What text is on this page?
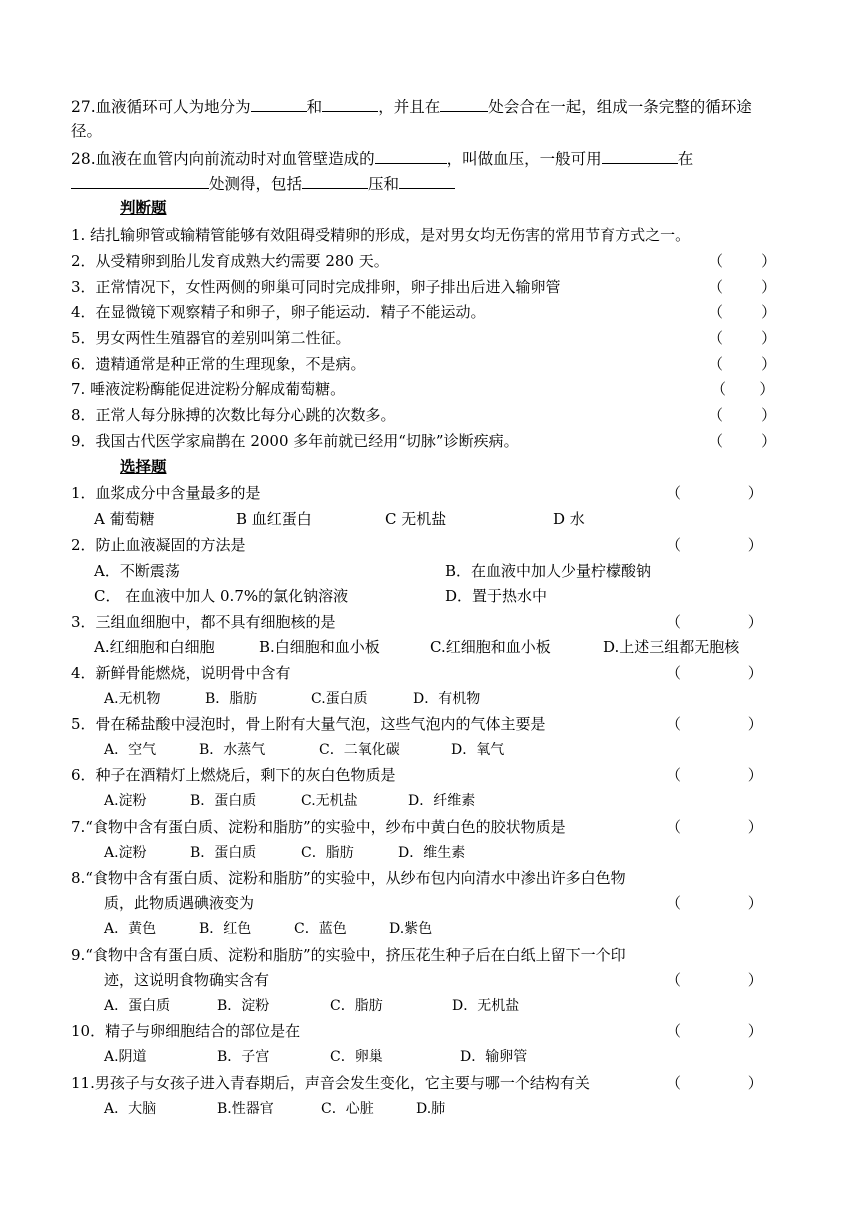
27.血液循环可人为地分为	和	，并且在	处会合在一起，组成一条完整的循环途径。

28.血液在血管内向前流动时对血管壁造成的	，叫做血压，一般可用	在
处测得，包括	压和

判断题
1. 结扎输卵管或输精管能够有效阻碍受精卵的形成，是对男女均无伤害的常用节育方式之一。
2．从受精卵到胎儿发育成熟大约需要 280 天。	（        ）
3．正常情况下，女性两侧的卵巢可同时完成排卵，卵子排出后进入输卵管	（        ）
4．在显微镜下观察精子和卵子，卵子能运动．精子不能运动。	（        ）
5．男女两性生殖器官的差别叫第二性征。	（        ）
6．遗精通常是种正常的生理现象，不是病。	（        ）
7. 唾液淀粉酶能促进淀粉分解成葡萄糖。	（       ）
8．正常人每分脉搏的次数比每分心跳的次数多。	（        ）
9．我国古代医学家扁鹊在 2000 多年前就已经用“切脉”诊断疾病。	（        ）
选择题
1．血浆成分中含量最多的是	（              ）
A 葡萄糖	B 血红蛋白	C 无机盐	D 水
2．防止血液凝固的方法是	（              ）
A．不断震荡	B．在血液中加人少量柠檬酸钠
C． 在血液中加人 0.7%的氯化钠溶液	D．置于热水中
3．三组血细胞中，都不具有细胞核的是	（              ）
A.红细胞和白细胞	B.白细胞和血小板	C.红细胞和血小板	D.上述三组都无胞核
4．新鲜骨能燃烧，说明骨中含有	（              ）
A.无机物	B．脂肪	C.蛋白质	D．有机物
5．骨在稀盐酸中浸泡时，骨上附有大量气泡，这些气泡内的气体主要是	（              ）
A．空气	B．水蒸气	C．二氧化碳	D．氧气
6．种子在酒精灯上燃烧后，剩下的灰白色物质是	（              ）
A.淀粉	B．蛋白质	C.无机盐	D．纤维素
7.“食物中含有蛋白质、淀粉和脂肪”的实验中，纱布中黄白色的胶状物质是	（              ）
A.淀粉	B．蛋白质	C．脂肪	D．维生素
8.“食物中含有蛋白质、淀粉和脂肪”的实验中，从纱布包内向清水中渗出许多白色物
质，此物质遇碘液变为	（              ）
A．黄色	B．红色	C．蓝色	D.紫色
9.“食物中含有蛋白质、淀粉和脂肪”的实验中，挤压花生种子后在白纸上留下一个印
迹，这说明食物确实含有	（              ）
A．蛋白质	B．淀粉	C．脂肪	D．无机盐
10．精子与卵细胞结合的部位是在	（              ）
A.阴道	B．子宫	C．卵巢	D．输卵管
11.男孩子与女孩子进入青春期后，声音会发生变化，它主要与哪一个结构有关	（              ）
A．大脑	B.性器官	C．心脏	D.肺
